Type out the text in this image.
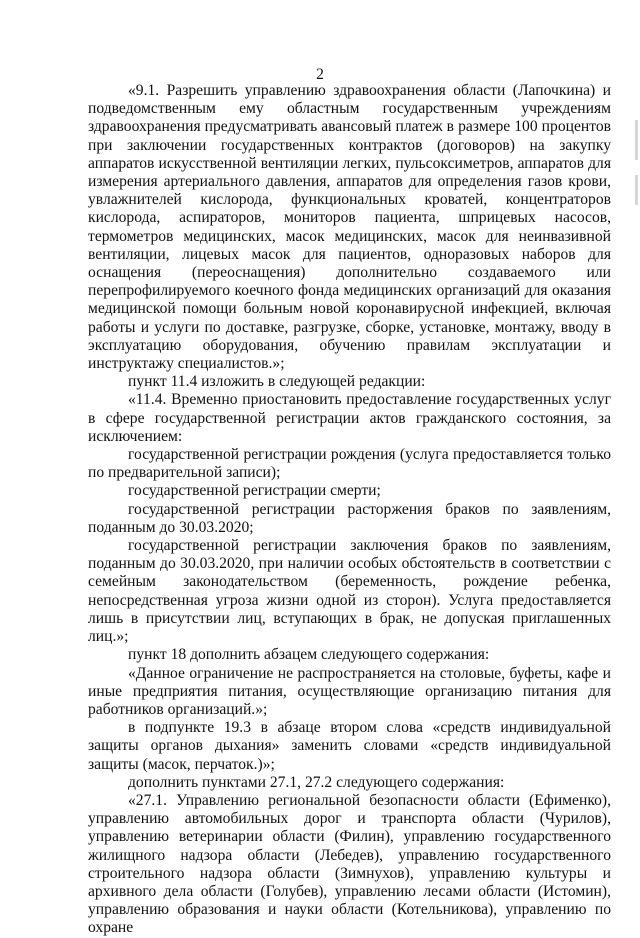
2

«9.1. Разрешить управлению здравоохранения области (Лапочкина) и подведомственным ему областным государственным учреждениям здравоохранения предусматривать авансовый платеж в размере 100 процентов при заключении государственных контрактов (договоров) на закупку аппаратов искусственной вентиляции легких, пульсоксиметров, аппаратов для измерения артериального давления, аппаратов для определения газов крови, увлажнителей кислорода, функциональных кроватей, концентраторов кислорода, аспираторов, мониторов пациента, шприцевых насосов, термометров медицинских, масок медицинских, масок для неинвазивной вентиляции, лицевых масок для пациентов, одноразовых наборов для оснащения (переоснащения) дополнительно создаваемого или перепрофилируемого коечного фонда медицинских организаций для оказания медицинской помощи больным новой коронавирусной инфекцией, включая работы и услуги по доставке, разгрузке, сборке, установке, монтажу, вводу в эксплуатацию оборудования, обучению правилам эксплуатации и инструктажу специалистов.»;

пункт 11.4 изложить в следующей редакции:

«11.4. Временно приостановить предоставление государственных услуг в сфере государственной регистрации актов гражданского состояния, за исключением:

государственной регистрации рождения (услуга предоставляется только по предварительной записи);

государственной регистрации смерти;

государственной регистрации расторжения браков по заявлениям, поданным до 30.03.2020;

государственной регистрации заключения браков по заявлениям, поданным до 30.03.2020, при наличии особых обстоятельств в соответствии с семейным законодательством (беременность, рождение ребенка, непосредственная угроза жизни одной из сторон). Услуга предоставляется лишь в присутствии лиц, вступающих в брак, не допуская приглашенных лиц.»;

пункт 18 дополнить абзацем следующего содержания:

«Данное ограничение не распространяется на столовые, буфеты, кафе и иные предприятия питания, осуществляющие организацию питания для работников организаций.»;

в подпункте 19.3 в абзаце втором слова «средств индивидуальной защиты органов дыхания» заменить словами «средств индивидуальной защиты (масок, перчаток.)»;

дополнить пунктами 27.1, 27.2 следующего содержания:

«27.1. Управлению региональной безопасности области (Ефименко), управлению автомобильных дорог и транспорта области (Чурилов), управлению ветеринарии области (Филин), управлению государственного жилищного надзора области (Лебедев), управлению государственного строительного надзора области (Зимнухов), управлению культуры и архивного дела области (Голубев), управлению лесами области (Истомин), управлению образования и науки области (Котельникова), управлению по охране
